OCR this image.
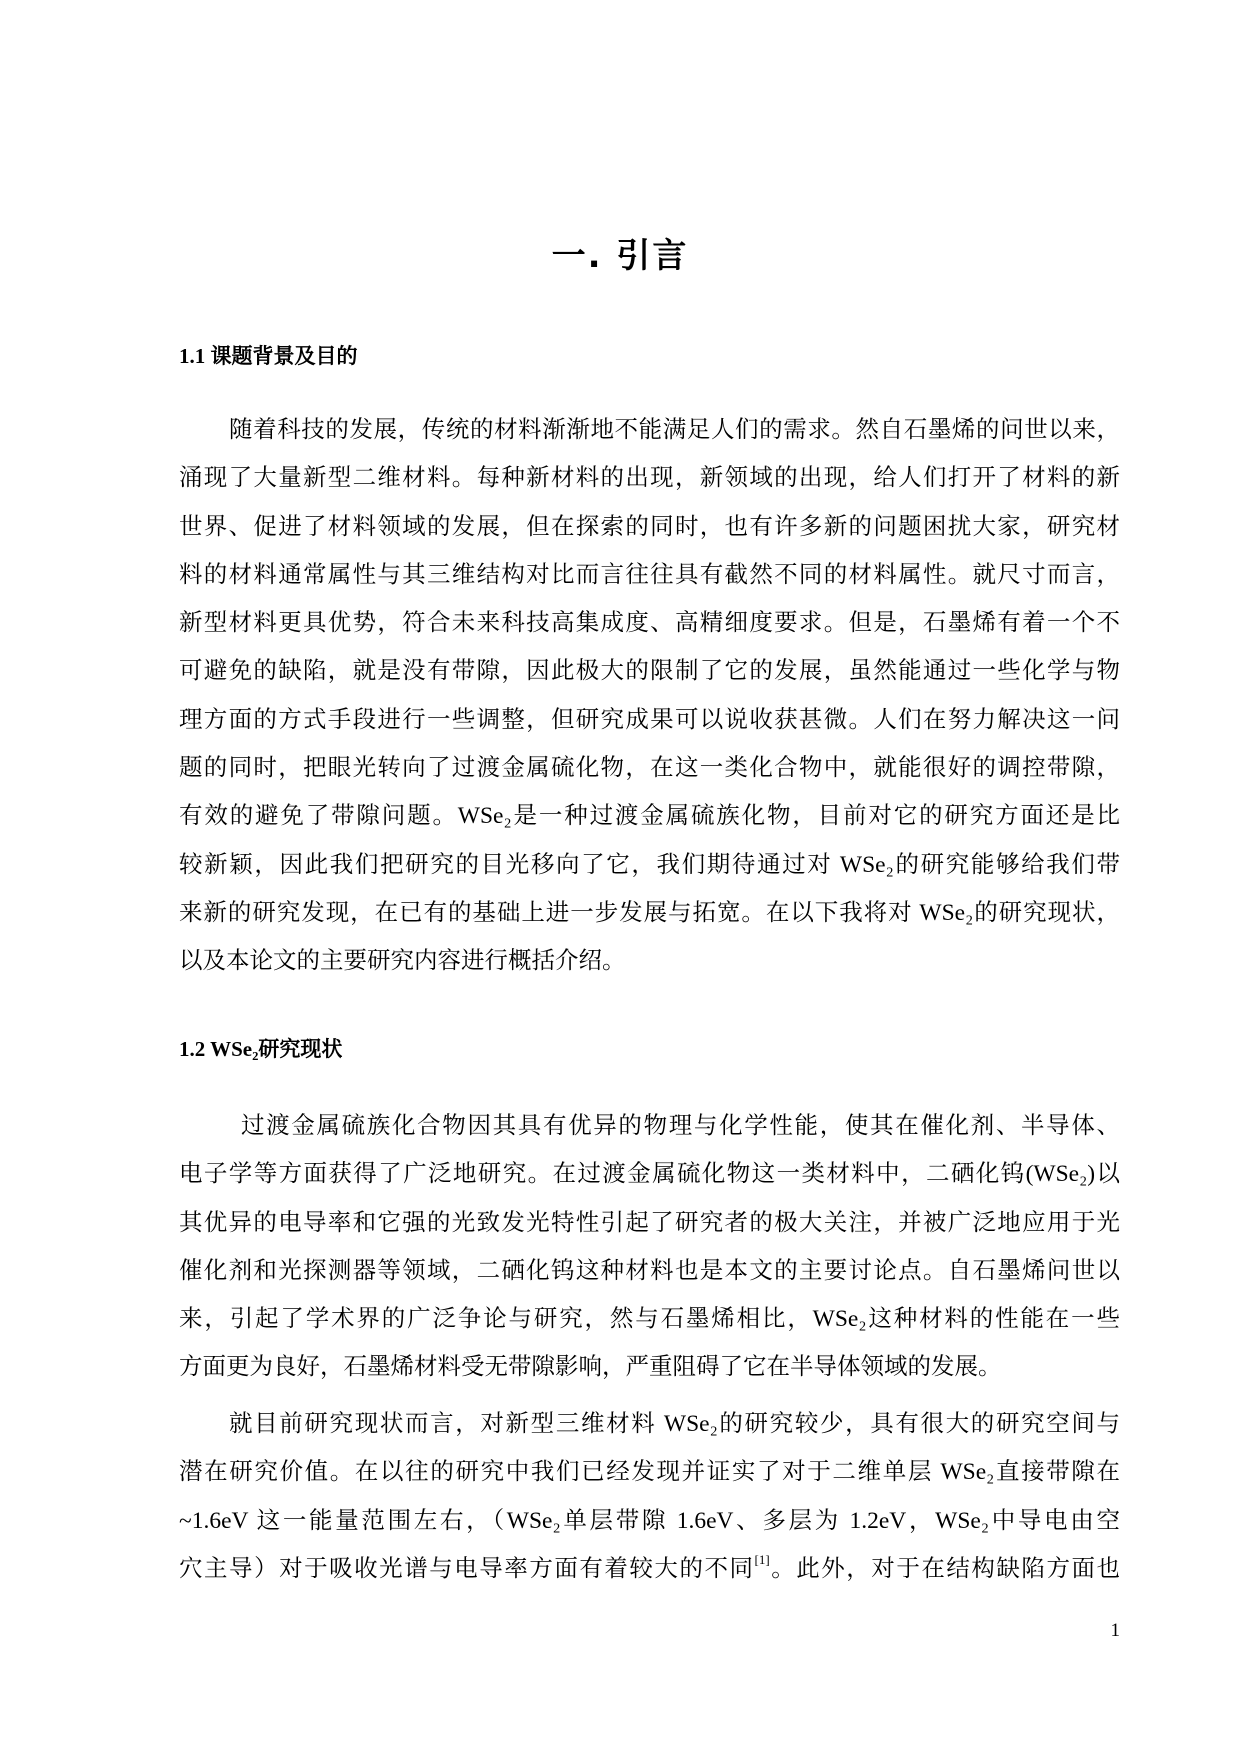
一. 引言
1.1 课题背景及目的
随着科技的发展，传统的材料渐渐地不能满足人们的需求。然自石墨烯的问世以来，
涌现了大量新型二维材料。每种新材料的出现，新领域的出现，给人们打开了材料的新
世界、促进了材料领域的发展，但在探索的同时，也有许多新的问题困扰大家，研究材
料的材料通常属性与其三维结构对比而言往往具有截然不同的材料属性。就尺寸而言，
新型材料更具优势，符合未来科技高集成度、高精细度要求。但是，石墨烯有着一个不
可避免的缺陷，就是没有带隙，因此极大的限制了它的发展，虽然能通过一些化学与物
理方面的方式手段进行一些调整，但研究成果可以说收获甚微。人们在努力解决这一问
题的同时，把眼光转向了过渡金属硫化物，在这一类化合物中，就能很好的调控带隙，
有效的避免了带隙问题。WSe₂是一种过渡金属硫族化物，目前对它的研究方面还是比
较新颖，因此我们把研究的目光移向了它，我们期待通过对 WSe₂的研究能够给我们带
来新的研究发现，在已有的基础上进一步发展与拓宽。在以下我将对 WSe₂的研究现状，
以及本论文的主要研究内容进行概括介绍。
1.2 WSe₂研究现状
过渡金属硫族化合物因其具有优异的物理与化学性能，使其在催化剂、半导体、
电子学等方面获得了广泛地研究。在过渡金属硫化物这一类材料中，二硒化钨(WSe₂)以
其优异的电导率和它强的光致发光特性引起了研究者的极大关注，并被广泛地应用于光
催化剂和光探测器等领域，二硒化钨这种材料也是本文的主要讨论点。自石墨烯问世以
来，引起了学术界的广泛争论与研究，然与石墨烯相比，WSe₂这种材料的性能在一些
方面更为良好，石墨烯材料受无带隙影响，严重阻碍了它在半导体领域的发展。
就目前研究现状而言，对新型三维材料 WSe₂的研究较少，具有很大的研究空间与
潜在研究价值。在以往的研究中我们已经发现并证实了对于二维单层 WSe₂直接带隙在
~1.6eV 这一能量范围左右，（WSe₂单层带隙 1.6eV、多层为 1.2eV，WSe₂中导电由空
穴主导）对于吸收光谱与电导率方面有着较大的不同[1]。此外，对于在结构缺陷方面也
1
